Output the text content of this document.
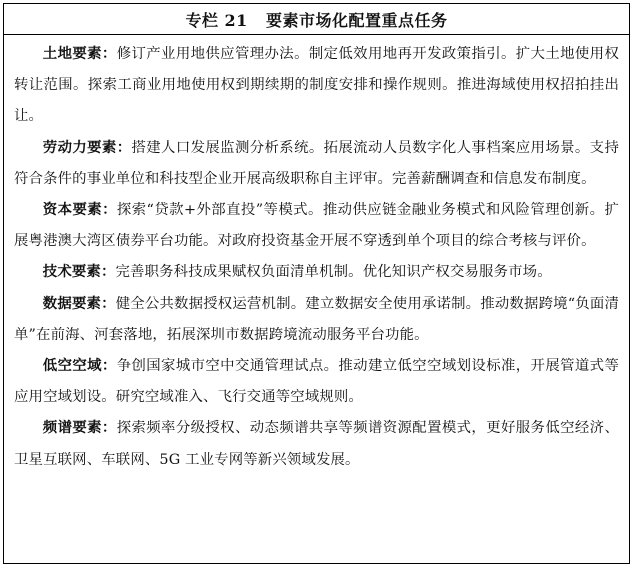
专栏 21   要素市场化配置重点任务

土地要素：修订产业用地供应管理办法。制定低效用地再开发政策指引。扩大土地使用权转让范围。探索工商业用地使用权到期续期的制度安排和操作规则。推进海域使用权招拍挂出让。

劳动力要素：搭建人口发展监测分析系统。拓展流动人员数字化人事档案应用场景。支持符合条件的事业单位和科技型企业开展高级职称自主评审。完善薪酬调查和信息发布制度。

资本要素：探索“贷款+外部直投”等模式。推动供应链金融业务模式和风险管理创新。扩展粤港澳大湾区债券平台功能。对政府投资基金开展不穿透到单个项目的综合考核与评价。

技术要素：完善职务科技成果赋权负面清单机制。优化知识产权交易服务市场。

数据要素：健全公共数据授权运营机制。建立数据安全使用承诺制。推动数据跨境“负面清单”在前海、河套落地，拓展深圳市数据跨境流动服务平台功能。

低空空域：争创国家城市空中交通管理试点。推动建立低空空域划设标准，开展管道式等应用空域划设。研究空域准入、飞行交通等空域规则。

频谱要素：探索频率分级授权、动态频谱共享等频谱资源配置模式，更好服务低空经济、卫星互联网、车联网、5G 工业专网等新兴领域发展。
